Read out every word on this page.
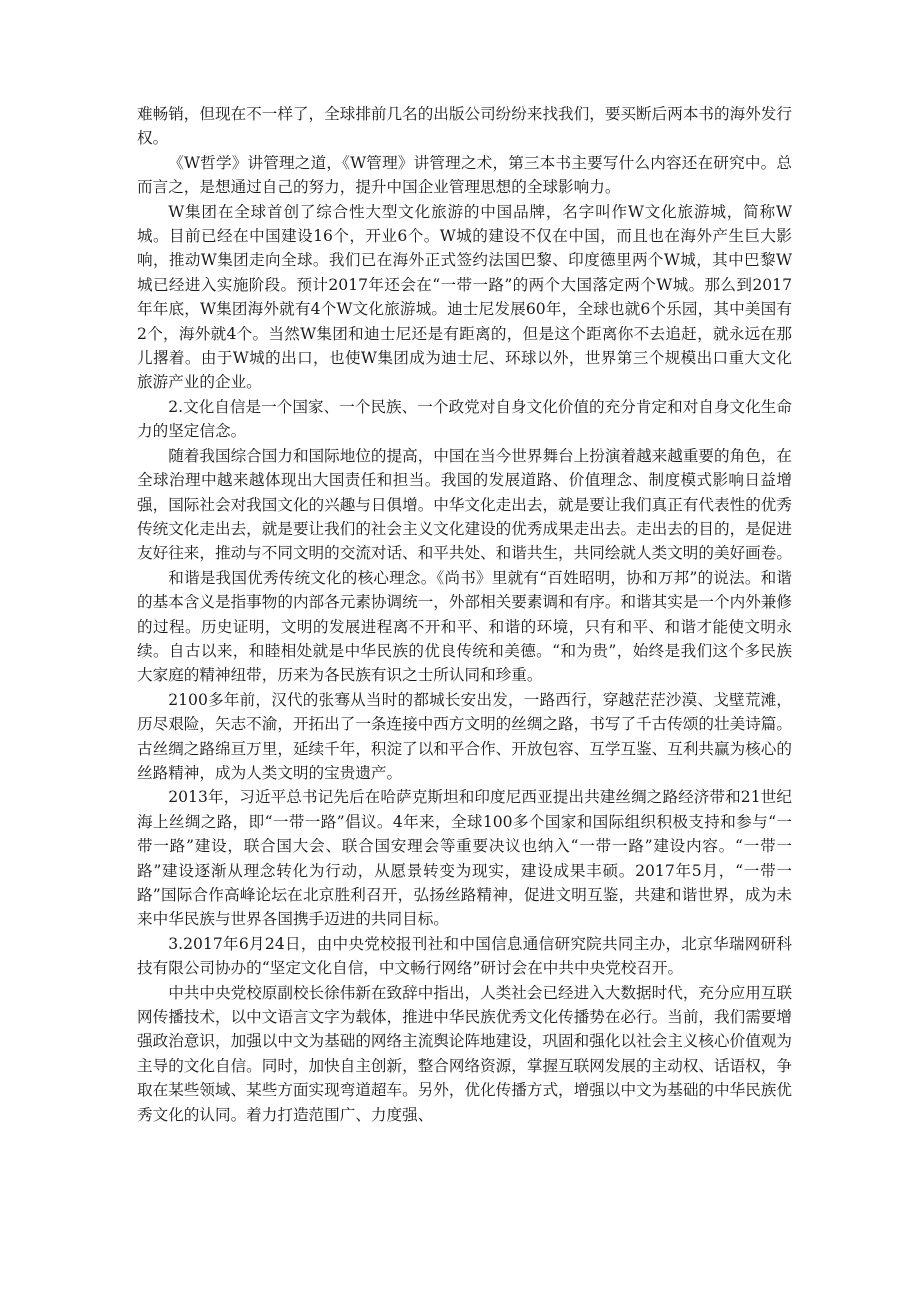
难畅销，但现在不一样了，全球排前几名的出版公司纷纷来找我们，要买断后两本书的海外发行权。

《W哲学》讲管理之道，《W管理》讲管理之术，第三本书主要写什么内容还在研究中。总而言之，是想通过自己的努力，提升中国企业管理思想的全球影响力。

W集团在全球首创了综合性大型文化旅游的中国品牌，名字叫作W文化旅游城，简称W城。目前已经在中国建设16个，开业6个。W城的建设不仅在中国，而且也在海外产生巨大影响，推动W集团走向全球。我们已在海外正式签约法国巴黎、印度德里两个W城，其中巴黎W城已经进入实施阶段。预计2017年还会在“一带一路”的两个大国落定两个W城。那么到2017年年底，W集团海外就有4个W文化旅游城。迪士尼发展60年，全球也就6个乐园，其中美国有2个，海外就4个。当然W集团和迪士尼还是有距离的，但是这个距离你不去追赶，就永远在那儿撂着。由于W城的出口，也使W集团成为迪士尼、环球以外，世界第三个规模出口重大文化旅游产业的企业。

2.文化自信是一个国家、一个民族、一个政党对自身文化价值的充分肯定和对自身文化生命力的坚定信念。

随着我国综合国力和国际地位的提高，中国在当今世界舞台上扮演着越来越重要的角色，在全球治理中越来越体现出大国责任和担当。我国的发展道路、价值理念、制度模式影响日益增强，国际社会对我国文化的兴趣与日俱增。中华文化走出去，就是要让我们真正有代表性的优秀传统文化走出去，就是要让我们的社会主义文化建设的优秀成果走出去。走出去的目的，是促进友好往来，推动与不同文明的交流对话、和平共处、和谐共生，共同绘就人类文明的美好画卷。

和谐是我国优秀传统文化的核心理念。《尚书》里就有“百姓昭明，协和万邦”的说法。和谐的基本含义是指事物的内部各元素协调统一，外部相关要素调和有序。和谐其实是一个内外兼修的过程。历史证明，文明的发展进程离不开和平、和谐的环境，只有和平、和谐才能使文明永续。自古以来，和睦相处就是中华民族的优良传统和美德。“和为贵”，始终是我们这个多民族大家庭的精神纽带，历来为各民族有识之士所认同和珍重。

2100多年前，汉代的张骞从当时的都城长安出发，一路西行，穿越茫茫沙漠、戈壁荒滩，历尽艰险，矢志不渝，开拓出了一条连接中西方文明的丝绸之路，书写了千古传颂的壮美诗篇。古丝绸之路绵亘万里，延续千年，积淀了以和平合作、开放包容、互学互鉴、互利共赢为核心的丝路精神，成为人类文明的宝贵遗产。

2013年，习近平总书记先后在哈萨克斯坦和印度尼西亚提出共建丝绸之路经济带和21世纪海上丝绸之路，即“一带一路”倡议。4年来，全球100多个国家和国际组织积极支持和参与“一带一路”建设，联合国大会、联合国安理会等重要决议也纳入“一带一路”建设内容。“一带一路”建设逐渐从理念转化为行动，从愿景转变为现实，建设成果丰硕。2017年5月，“一带一路”国际合作高峰论坛在北京胜利召开，弘扬丝路精神，促进文明互鉴，共建和谐世界，成为未来中华民族与世界各国携手迈进的共同目标。

3.2017年6月24日，由中央党校报刊社和中国信息通信研究院共同主办，北京华瑞网研科技有限公司协办的“坚定文化自信，中文畅行网络”研讨会在中共中央党校召开。

中共中央党校原副校长徐伟新在致辞中指出，人类社会已经进入大数据时代，充分应用互联网传播技术，以中文语言文字为载体，推进中华民族优秀文化传播势在必行。当前，我们需要增强政治意识，加强以中文为基础的网络主流舆论阵地建设，巩固和强化以社会主义核心价值观为主导的文化自信。同时，加快自主创新，整合网络资源，掌握互联网发展的主动权、话语权，争取在某些领域、某些方面实现弯道超车。另外，优化传播方式，增强以中文为基础的中华民族优秀文化的认同。着力打造范围广、力度强、
